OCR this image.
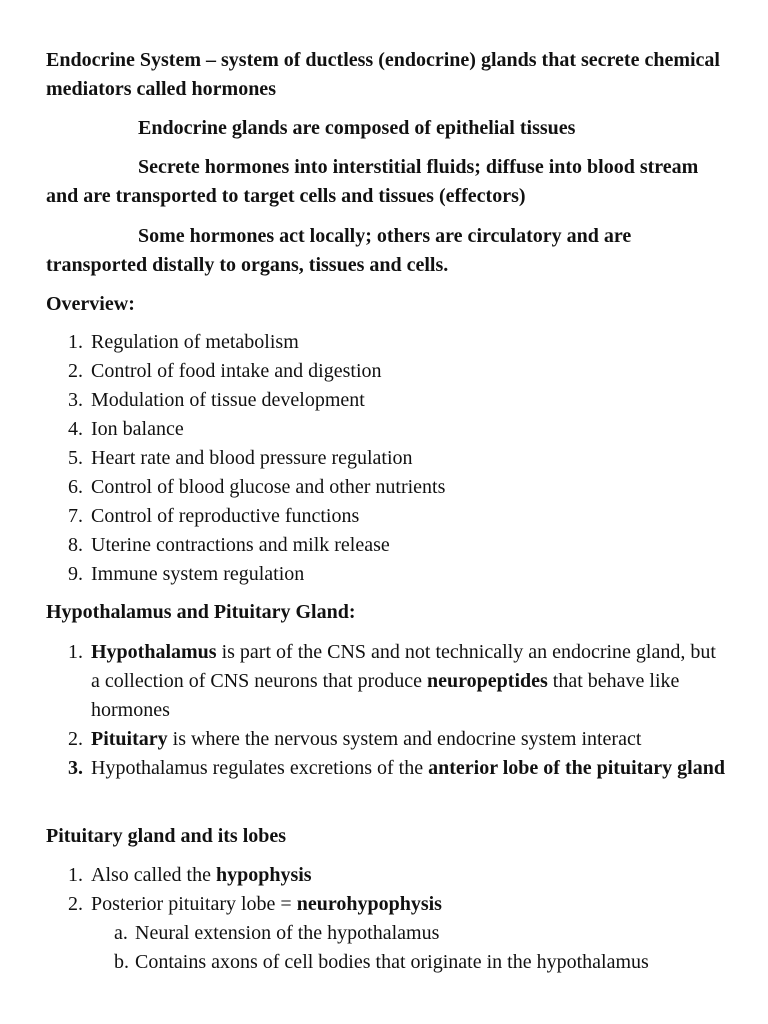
Endocrine System – system of ductless (endocrine) glands that secrete chemical mediators called hormones

Endocrine glands are composed of epithelial tissues

Secrete hormones into interstitial fluids; diffuse into blood stream and are transported to target cells and tissues (effectors)

Some hormones act locally; others are circulatory and are transported distally to organs, tissues and cells.

Overview:

1. Regulation of metabolism
2. Control of food intake and digestion
3. Modulation of tissue development
4. Ion balance
5. Heart rate and blood pressure regulation
6. Control of blood glucose and other nutrients
7. Control of reproductive functions
8. Uterine contractions and milk release
9. Immune system regulation

Hypothalamus and Pituitary Gland:

1. Hypothalamus is part of the CNS and not technically an endocrine gland, but a collection of CNS neurons that produce neuropeptides that behave like hormones
2. Pituitary is where the nervous system and endocrine system interact
3. Hypothalamus regulates excretions of the anterior lobe of the pituitary gland

Pituitary gland and its lobes

1. Also called the hypophysis
2. Posterior pituitary lobe = neurohypophysis
a. Neural extension of the hypothalamus
b. Contains axons of cell bodies that originate in the hypothalamus
